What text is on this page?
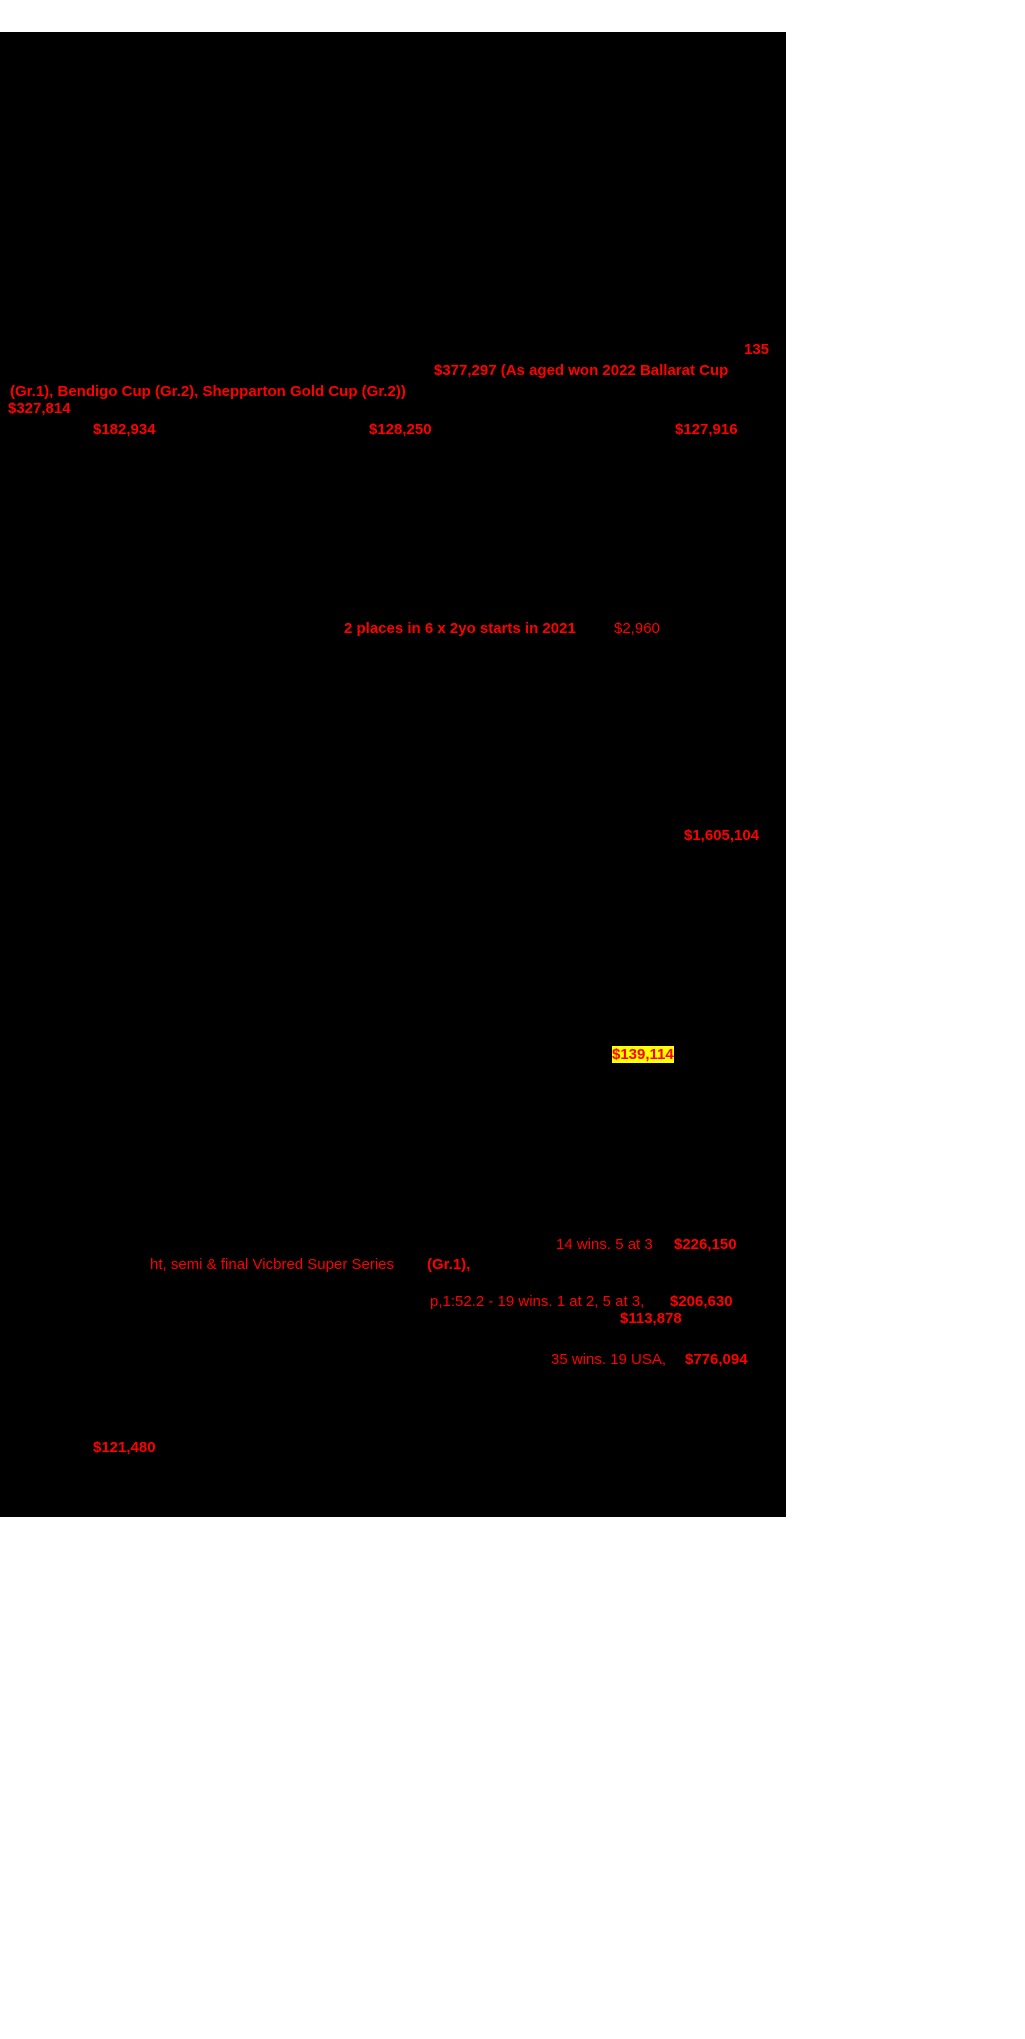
135
$377,297 (As aged won 2022 Ballarat Cup
(Gr.1), Bendigo Cup (Gr.2), Shepparton Gold Cup (Gr.2))
$327,814
$182,934	$128,250	$127,916
2 places in 6 x 2yo starts in 2021	$2,960
$1,605,104
$139,114
14 wins. 5 at 3 $226,150
ht, semi & final Vicbred Super Series (Gr.1),
p,1:52.2 - 19 wins. 1 at 2, 5 at 3, $206,630
$113,878
35 wins. 19 USA, $776,094
$121,480
